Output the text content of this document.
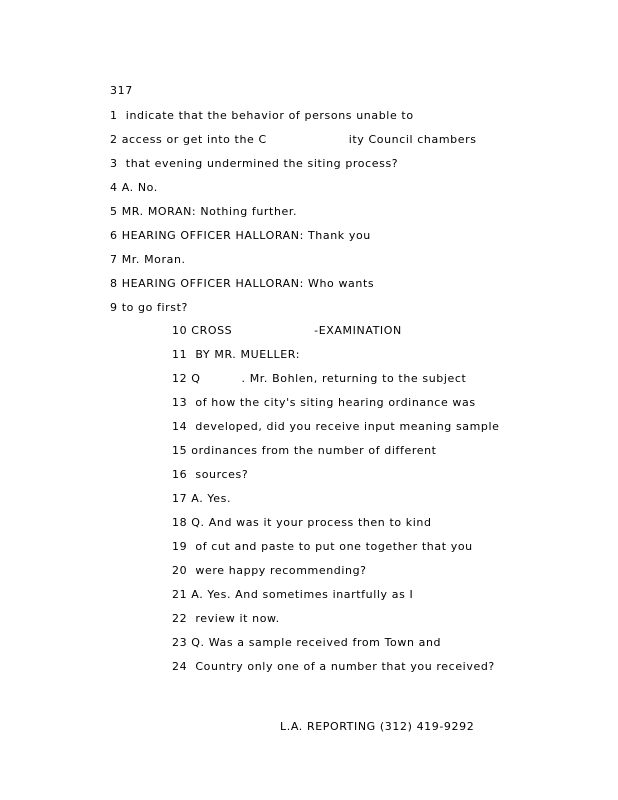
317
1  indicate that the behavior of persons unable to
2 access or get into the C                    ity Council chambers
3  that evening undermined the siting process?
4 A. No.
5 MR. MORAN: Nothing further.
6 HEARING OFFICER HALLORAN: Thank you
7 Mr. Moran.
8 HEARING OFFICER HALLORAN: Who wants
9 to go first?
10 CROSS                    -EXAMINATION
11  BY MR. MUELLER:
12 Q          . Mr. Bohlen, returning to the subject
13  of how the city's siting hearing ordinance was
14  developed, did you receive input meaning sample
15 ordinances from the number of different
16  sources?
17 A. Yes.
18 Q. And was it your process then to kind
19  of cut and paste to put one together that you
20  were happy recommending?
21 A. Yes. And sometimes inartfully as I
22  review it now.
23 Q. Was a sample received from Town and
24  Country only one of a number that you received?
L.A. REPORTING (312) 419-9292
